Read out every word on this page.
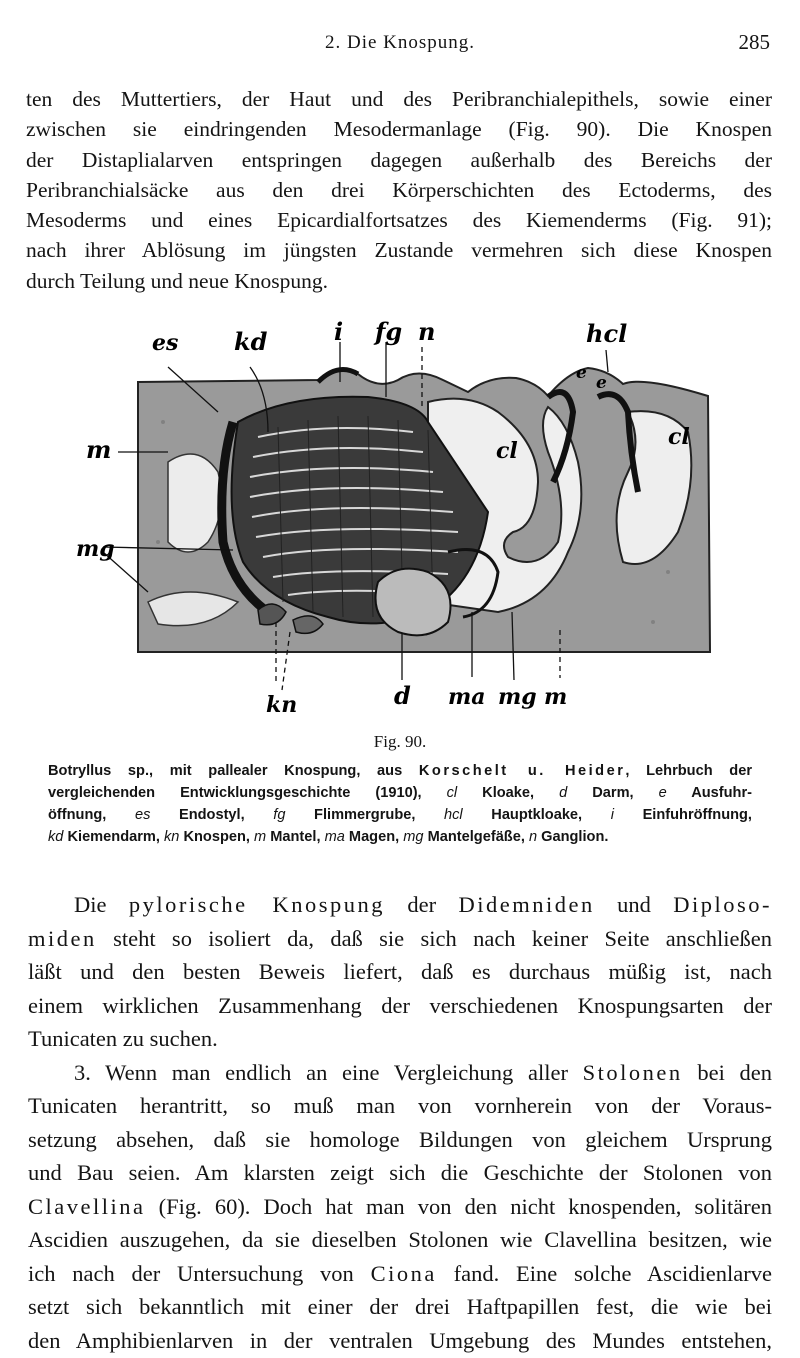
2. Die Knospung.	285
ten des Muttertiers, der Haut und des Peribranchialepithels, sowie einer
zwischen sie eindringenden Mesodermanlage (Fig. 90). Die Knospen
der Distaplialarven entspringen dagegen außerhalb des Bereichs der
Peribranchialsäcke aus den drei Körperschichten des Ectoderms, des
Mesoderms und eines Epicardialfortsatzes des Kiemenderms (Fig. 91);
nach ihrer Ablösung im jüngsten Zustande vermehren sich diese Knospen
durch Teilung und neue Knospung.
es kd	i fg n	hcl
e e
m
mg
cl
cl
kn	d ma mg m
Fig. 90.
Botryllus sp., mit pallealer Knospung, aus Korschelt u. Heider, Lehrbuch der
vergleichenden Entwicklungsgeschichte (1910), cl Kloake, d Darm, e Ausfuhr-
öffnung, es Endostyl, fg Flimmergrube, hcl Hauptkloake, i Einfuhröffnung,
kd Kiemendarm, kn Knospen, m Mantel, ma Magen, mg Mantelgefäße, n Ganglion.
Die pylorische Knospung der Didemniden und Diploso-
miden steht so isoliert da, daß sie sich nach keiner Seite anschließen
läßt und den besten Beweis liefert, daß es durchaus müßig ist, nach
einem wirklichen Zusammenhang der verschiedenen Knospungsarten der
Tunicaten zu suchen.
3. Wenn man endlich an eine Vergleichung aller Stolonen bei den
Tunicaten herantritt, so muß man von vornherein von der Voraus-
setzung absehen, daß sie homologe Bildungen von gleichem Ursprung
und Bau seien. Am klarsten zeigt sich die Geschichte der Stolonen von
Clavellina (Fig. 60). Doch hat man von den nicht knospenden, solitären
Ascidien auszugehen, da sie dieselben Stolonen wie Clavellina besitzen, wie
ich nach der Untersuchung von Ciona fand. Eine solche Ascidienlarve
setzt sich bekanntlich mit einer der drei Haftpapillen fest, die wie bei
den Amphibienlarven in der ventralen Umgebung des Mundes entstehen,
